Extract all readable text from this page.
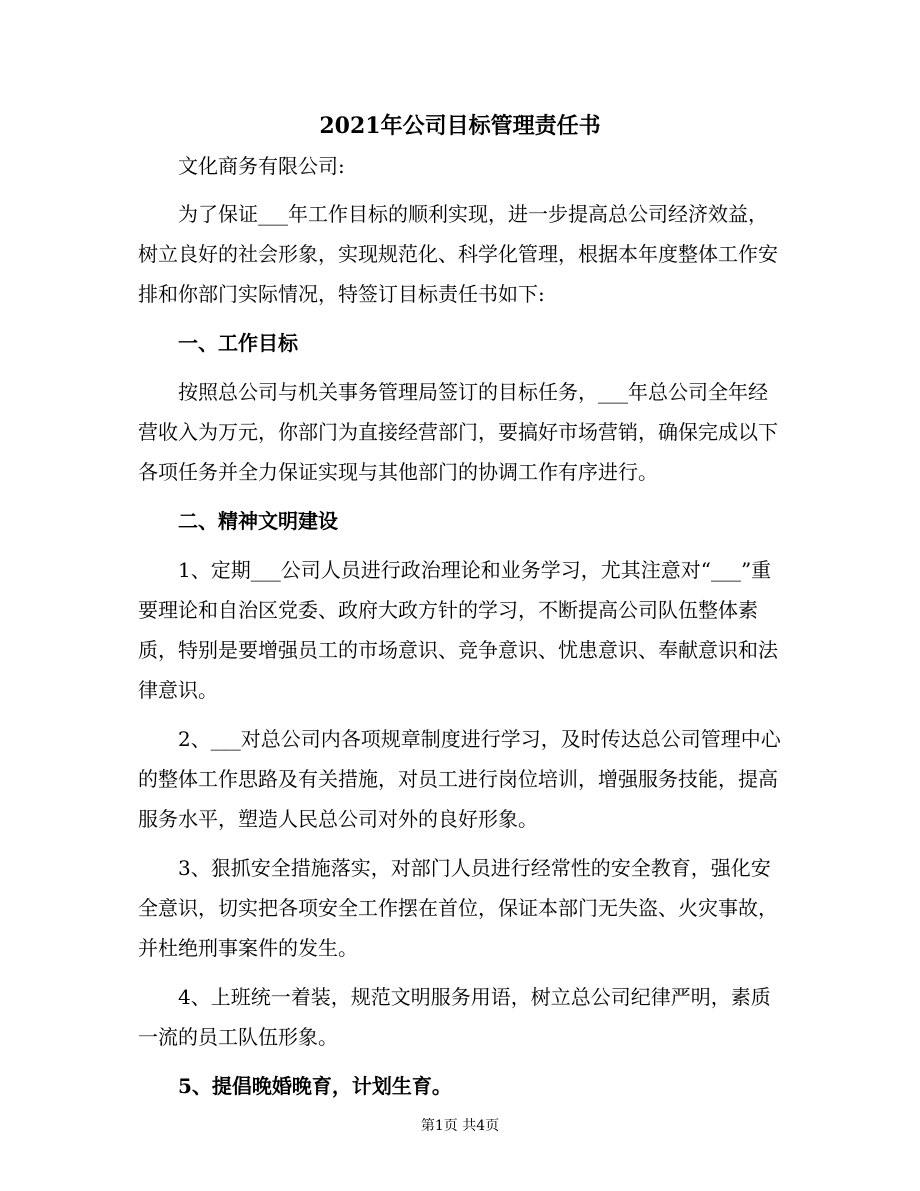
2021年公司目标管理责任书

文化商务有限公司:

为了保证___年工作目标的顺利实现，进一步提高总公司经济效益，树立良好的社会形象，实现规范化、科学化管理，根据本年度整体工作安排和你部门实际情况，特签订目标责任书如下:

一、工作目标

按照总公司与机关事务管理局签订的目标任务，___年总公司全年经营收入为万元，你部门为直接经营部门，要搞好市场营销，确保完成以下各项任务并全力保证实现与其他部门的协调工作有序进行。

二、精神文明建设

1、定期___公司人员进行政治理论和业务学习，尤其注意对“___”重要理论和自治区党委、政府大政方针的学习，不断提高公司队伍整体素质，特别是要增强员工的市场意识、竞争意识、忧患意识、奉献意识和法律意识。

2、___对总公司内各项规章制度进行学习，及时传达总公司管理中心的整体工作思路及有关措施，对员工进行岗位培训，增强服务技能，提高服务水平，塑造人民总公司对外的良好形象。

3、狠抓安全措施落实，对部门人员进行经常性的安全教育，强化安全意识，切实把各项安全工作摆在首位，保证本部门无失盗、火灾事故，并杜绝刑事案件的发生。

4、上班统一着装，规范文明服务用语，树立总公司纪律严明，素质一流的员工队伍形象。

5、提倡晚婚晚育，计划生育。

第1页 共4页
